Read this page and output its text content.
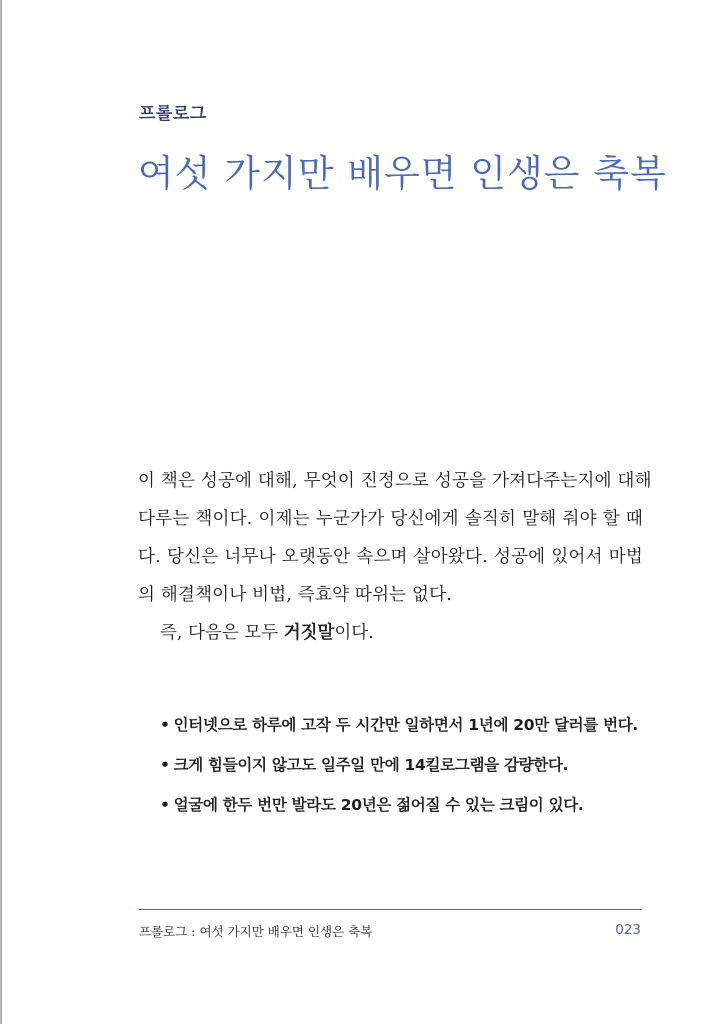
프롤로그
여섯 가지만 배우면 인생은 축복
이 책은 성공에 대해, 무엇이 진정으로 성공을 가져다주는지에 대해
다루는 책이다. 이제는 누군가가 당신에게 솔직히 말해 줘야 할 때
다. 당신은 너무나 오랫동안 속으며 살아왔다. 성공에 있어서 마법
의 해결책이나 비법, 즉효약 따위는 없다.
즉, 다음은 모두 거짓말이다.
• 인터넷으로 하루에 고작 두 시간만 일하면서 1년에 20만 달러를 번다.
• 크게 힘들이지 않고도 일주일 만에 14킬로그램을 감량한다.
• 얼굴에 한두 번만 발라도 20년은 젊어질 수 있는 크림이 있다.
프롤로그 : 여섯 가지만 배우면 인생은 축복	023
